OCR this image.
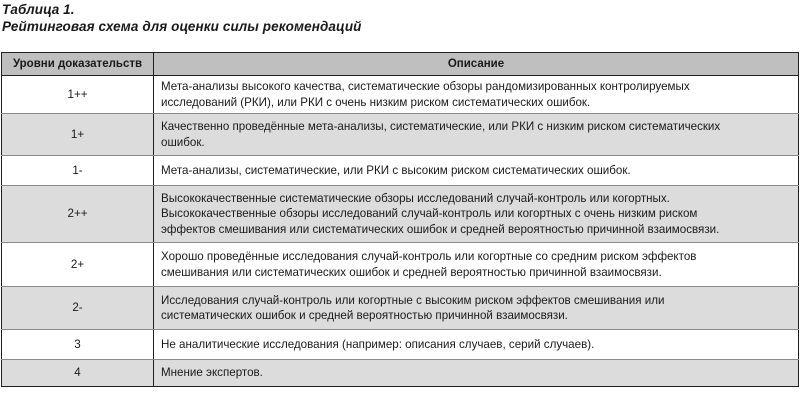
Таблица 1.
Рейтинговая схема для оценки силы рекомендаций
Уровни доказательств	Описание
1++	Мета-анализы высокого качества, систематические обзоры рандомизированных контролируемых
исследований (РКИ), или РКИ с очень низким риском систематических ошибок.

1+	Качественно проведённые мета-анализы, систематические, или РКИ с низким риском систематических
ошибок.

1-	Мета-анализы, систематические, или РКИ с высоким риском систематических ошибок.

2++	Высококачественные систематические обзоры исследований случай-контроль или когортных.
Высококачественные обзоры исследований случай-контроль или когортных с очень низким риском
эффектов смешивания или систематических ошибок и средней вероятностью причинной взаимосвязи.

2+	Хорошо проведённые исследования случай-контроль или когортные со средним риском эффектов
смешивания или систематических ошибок и средней вероятностью причинной взаимосвязи.

2-	Исследования случай-контроль или когортные с высоким риском эффектов смешивания или
систематических ошибок и средней вероятностью причинной взаимосвязи.

3	Не аналитические исследования (например: описания случаев, серий случаев).

4	Мнение экспертов.
